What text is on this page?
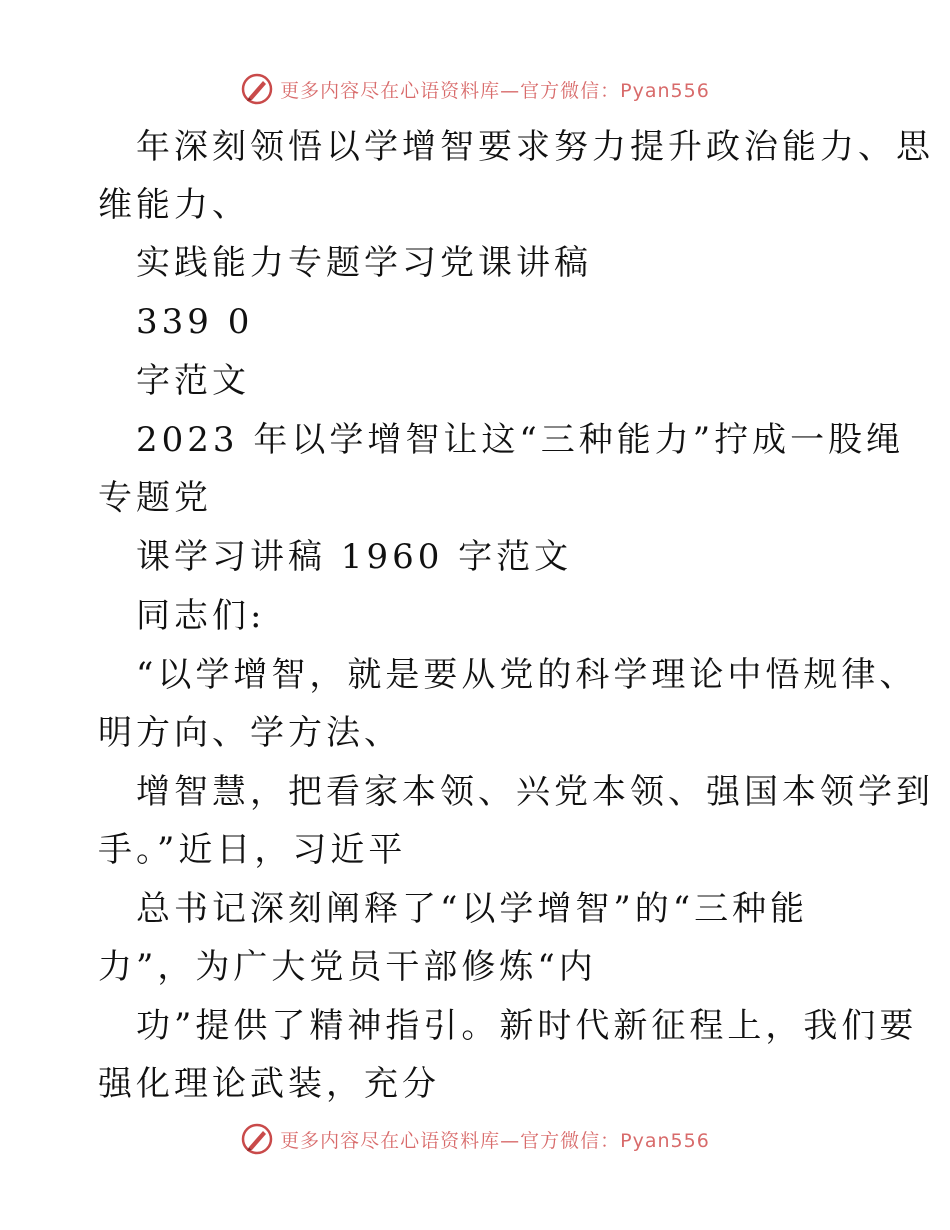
更多内容尽在心语资料库—官方微信：Pyan556
年深刻领悟以学增智要求努力提升政治能力、思
维能力、
实践能力专题学习党课讲稿
339 0
字范文
2023 年以学增智让这“三种能力”拧成一股绳
专题党
课学习讲稿 1960 字范文
同志们:
“以学增智，就是要从党的科学理论中悟规律、
明方向、学方法、
增智慧，把看家本领、兴党本领、强国本领学到
手。”近日，习近平
总书记深刻阐释了“以学增智”的“三种能
力”，为广大党员干部修炼“内
功”提供了精神指引。新时代新征程上，我们要
强化理论武装，充分
更多内容尽在心语资料库—官方微信：Pyan556
